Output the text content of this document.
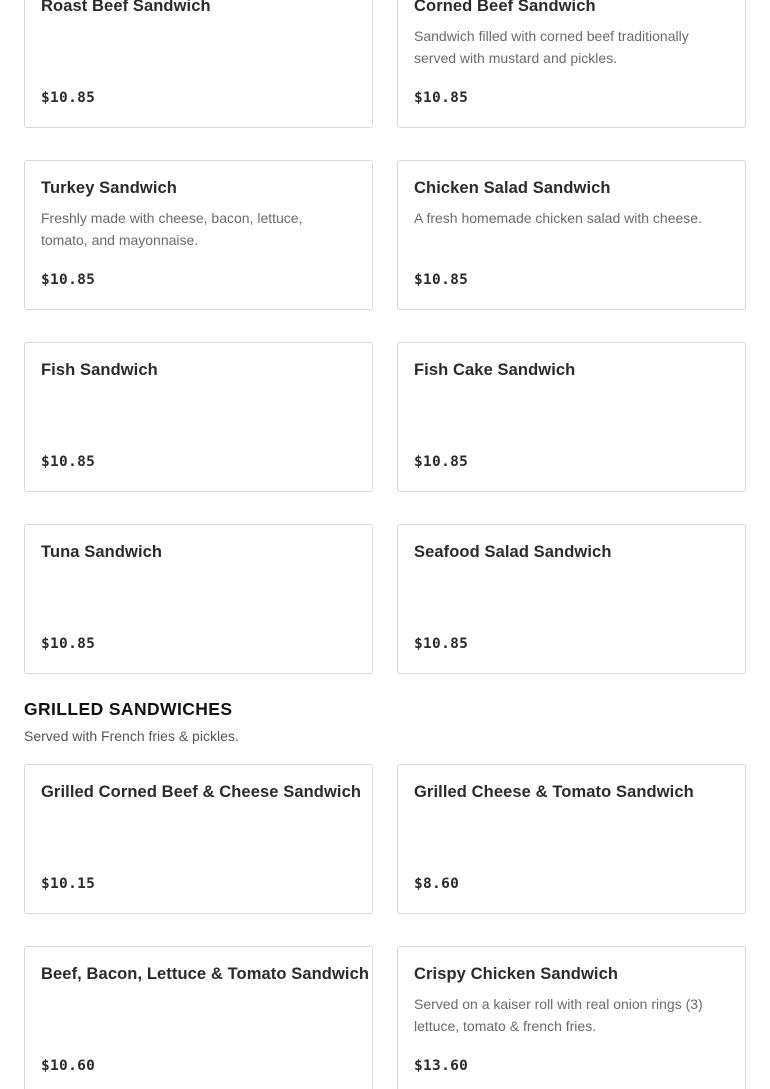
Roast Beef Sandwich
$10.85
Corned Beef Sandwich
Sandwich filled with corned beef traditionally served with mustard and pickles.
$10.85
Turkey Sandwich
Freshly made with cheese, bacon, lettuce, tomato, and mayonnaise.
$10.85
Chicken Salad Sandwich
A fresh homemade chicken salad with cheese.
$10.85
Fish Sandwich
$10.85
Fish Cake Sandwich
$10.85
Tuna Sandwich
$10.85
Seafood Salad Sandwich
$10.85
GRILLED SANDWICHES

Served with French fries & pickles.

Grilled Corned Beef & Cheese Sandwich
$10.15
Grilled Cheese & Tomato Sandwich
$8.60
Beef, Bacon, Lettuce & Tomato Sandwich
$10.60
Crispy Chicken Sandwich
Served on a kaiser roll with real onion rings (3) lettuce, tomato & french fries.
$13.60
